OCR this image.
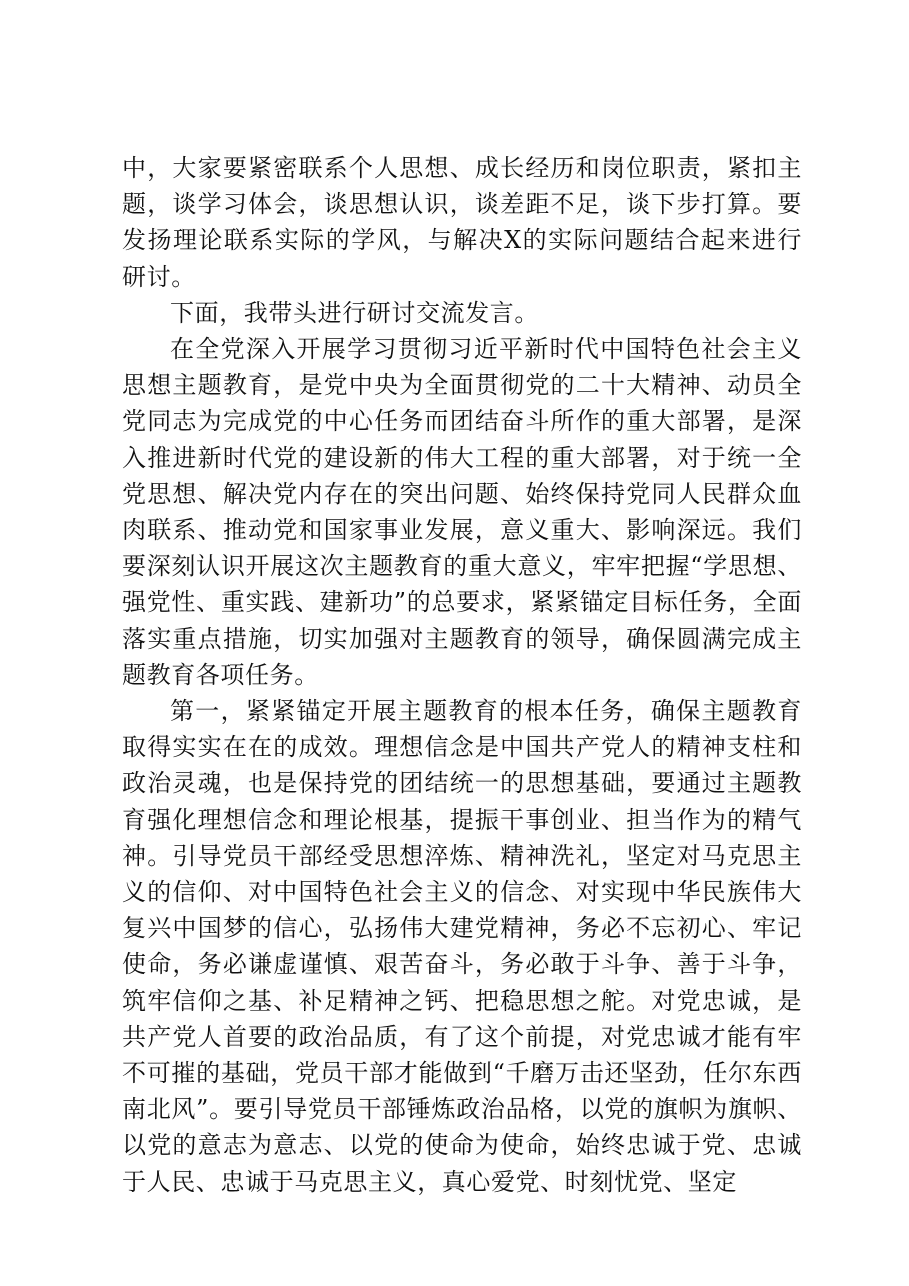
中，大家要紧密联系个人思想、成长经历和岗位职责，紧扣主题，谈学习体会，谈思想认识，谈差距不足，谈下步打算。要发扬理论联系实际的学风，与解决X的实际问题结合起来进行研讨。

下面，我带头进行研讨交流发言。

在全党深入开展学习贯彻习近平新时代中国特色社会主义思想主题教育，是党中央为全面贯彻党的二十大精神、动员全党同志为完成党的中心任务而团结奋斗所作的重大部署，是深入推进新时代党的建设新的伟大工程的重大部署，对于统一全党思想、解决党内存在的突出问题、始终保持党同人民群众血肉联系、推动党和国家事业发展，意义重大、影响深远。我们要深刻认识开展这次主题教育的重大意义，牢牢把握“学思想、强党性、重实践、建新功”的总要求，紧紧锚定目标任务，全面落实重点措施，切实加强对主题教育的领导，确保圆满完成主题教育各项任务。

第一，紧紧锚定开展主题教育的根本任务，确保主题教育取得实实在在的成效。理想信念是中国共产党人的精神支柱和政治灵魂，也是保持党的团结统一的思想基础，要通过主题教育强化理想信念和理论根基，提振干事创业、担当作为的精气神。引导党员干部经受思想淬炼、精神洗礼，坚定对马克思主义的信仰、对中国特色社会主义的信念、对实现中华民族伟大复兴中国梦的信心，弘扬伟大建党精神，务必不忘初心、牢记使命，务必谦虚谨慎、艰苦奋斗，务必敢于斗争、善于斗争，筑牢信仰之基、补足精神之钙、把稳思想之舵。对党忠诚，是共产党人首要的政治品质，有了这个前提，对党忠诚才能有牢不可摧的基础，党员干部才能做到“千磨万击还坚劲，任尔东西南北风”。要引导党员干部锤炼政治品格，以党的旗帜为旗帜、以党的意志为意志、以党的使命为使命，始终忠诚于党、忠诚于人民、忠诚于马克思主义，真心爱党、时刻忧党、坚定
